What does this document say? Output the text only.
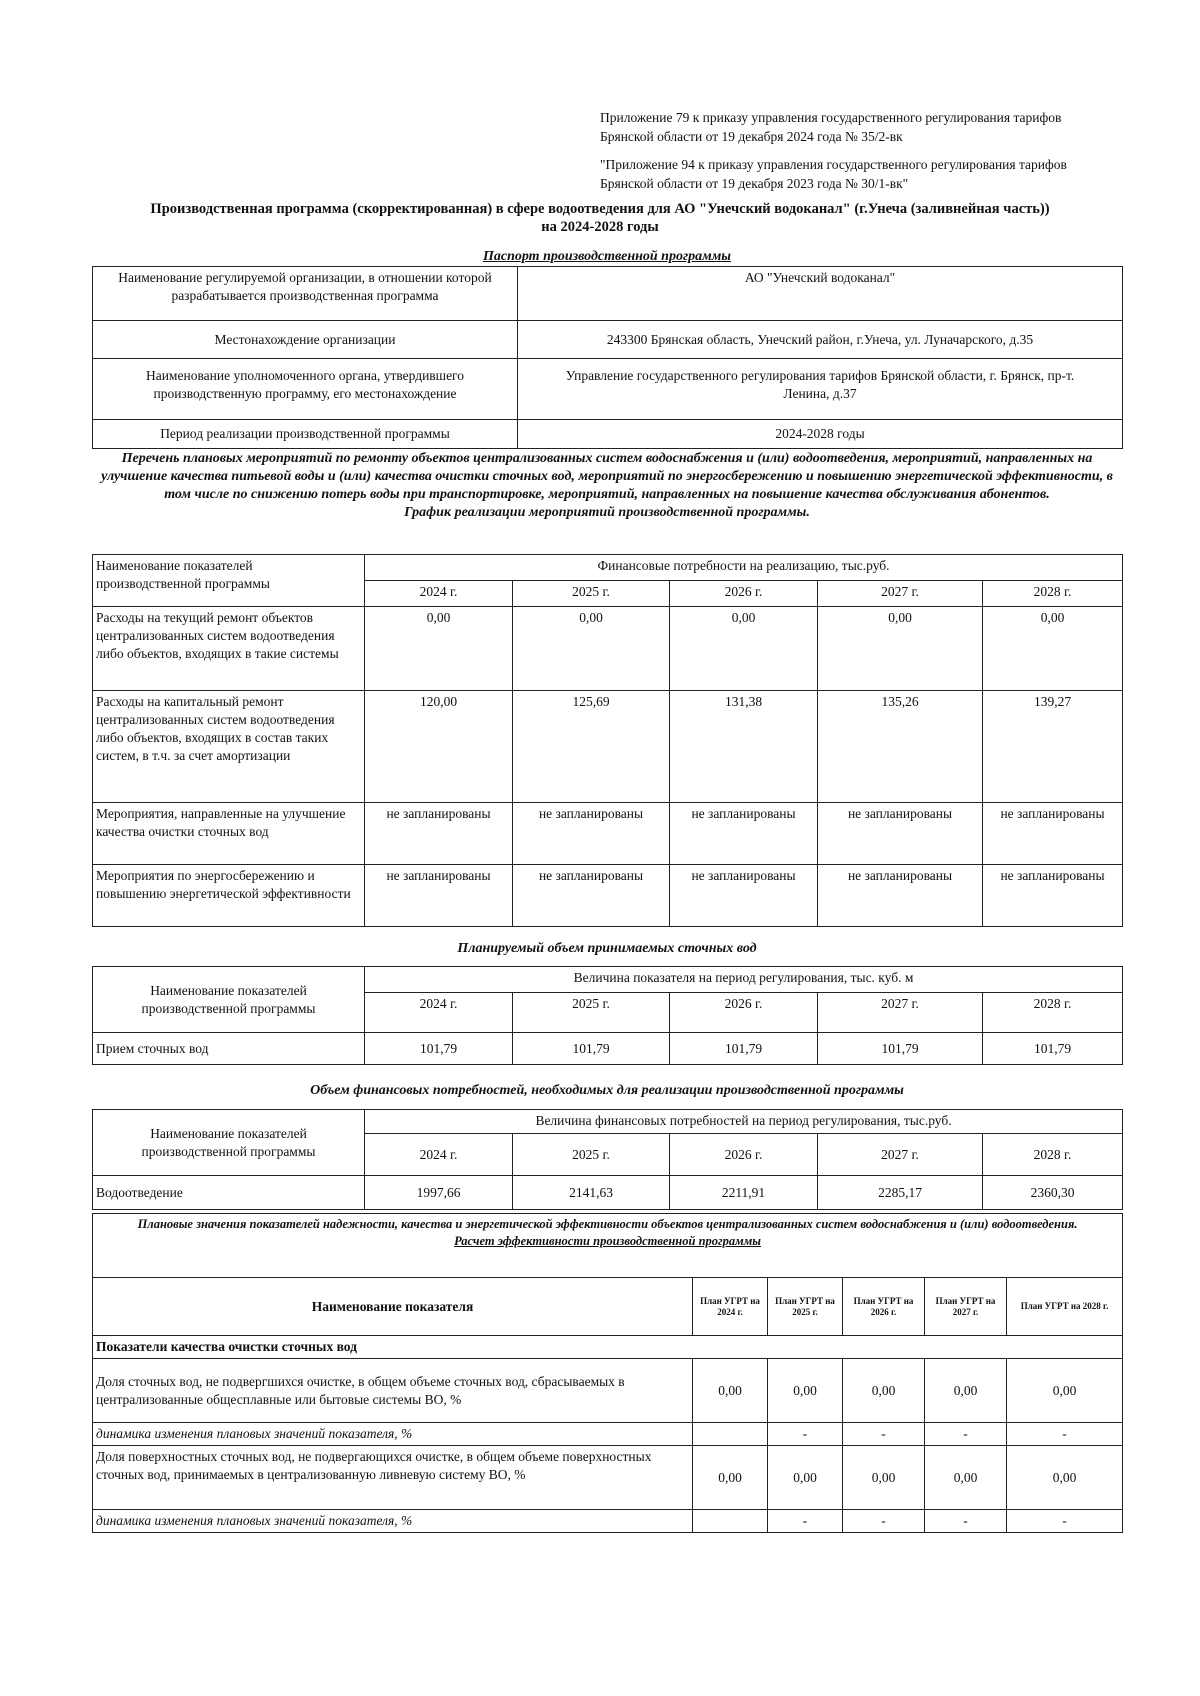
Приложение 79 к приказу управления государственного регулирования тарифов
Брянской области от 19 декабря 2024 года № 35/2-вк
"Приложение 94 к приказу управления государственного регулирования тарифов
Брянской области от 19 декабря 2023 года № 30/1-вк"
Производственная программа (скорректированная) в сфере водоотведения для АО "Унечский водоканал" (г.Унеча (заливнейная часть))
на 2024-2028 годы
Паспорт производственной программы
Наименование регулируемой организации, в отношении которой разрабатывается производственная программа	АО "Унечский водоканал"
Местонахождение организации	243300 Брянская область, Унечский район, г.Унеча, ул. Луначарского, д.35
Наименование уполномоченного органа, утвердившего производственную программу, его местонахождение	Управление государственного регулирования тарифов Брянской области, г. Брянск, пр-т. Ленина, д.37
Период реализации производственной программы	2024-2028 годы
Перечень плановых мероприятий по ремонту объектов централизованных систем водоснабжения и (или) водоотведения, мероприятий, направленных на улучшение качества питьевой воды и (или) качества очистки сточных вод, мероприятий по энергосбережению и повышению энергетической эффективности, в том числе по снижению потерь воды при транспортировке, мероприятий, направленных на повышение качества обслуживания абонентов.
График реализации мероприятий производственной программы.
Наименование показателей производственной программы	Финансовые потребности на реализацию, тыс.руб.				
	2024 г.	2025 г.	2026 г.	2027 г.	2028 г.
Расходы на текущий ремонт объектов централизованных систем водоотведения либо объектов, входящих в такие системы	0,00	0,00	0,00	0,00	0,00
Расходы на капитальный ремонт централизованных систем водоотведения либо объектов, входящих в состав таких систем, в т.ч. за счет амортизации	120,00	125,69	131,38	135,26	139,27
Мероприятия, направленные на улучшение качества очистки сточных вод	не запланированы	не запланированы	не запланированы	не запланированы	не запланированы
Мероприятия по энергосбережению и повышению энергетической эффективности	не запланированы	не запланированы	не запланированы	не запланированы	не запланированы
Планируемый объем принимаемых сточных вод
Наименование показателей производственной программы	Величина показателя на период регулирования, тыс. куб. м				
	2024 г.	2025 г.	2026 г.	2027 г.	2028 г.
Прием сточных вод	101,79	101,79	101,79	101,79	101,79
Объем финансовых потребностей, необходимых для реализации производственной программы
Наименование показателей производственной программы	Величина финансовых потребностей на период регулирования, тыс.руб.				
	2024 г.	2025 г.	2026 г.	2027 г.	2028 г.
Водоотведение	1997,66	2141,63	2211,91	2285,17	2360,30
Плановые значения показателей надежности, качества и энергетической эффективности объектов централизованных систем водоснабжения и (или) водоотведения.
Расчет эффективности производственной программы					

Наименование показателя	План УГРТ на 2024 г.	План УГРТ на 2025 г.	План УГРТ на 2026 г.	План УГРТ на 2027 г.	План УГРТ на 2028 г.
Показатели качества очистки сточных вод					
Доля сточных вод, не подвергшихся очистке, в общем объеме сточных вод, сбрасываемых в централизованные общесплавные или бытовые системы ВО, %	0,00	0,00	0,00	0,00	0,00
динамика изменения плановых значений показателя, %		-	-	-	-
Доля поверхностных сточных вод, не подвергающихся очистке, в общем объеме поверхностных сточных вод, принимаемых в централизованную ливневую систему ВО, %	0,00	0,00	0,00	0,00	0,00
динамика изменения плановых значений показателя, %		-	-	-	-
